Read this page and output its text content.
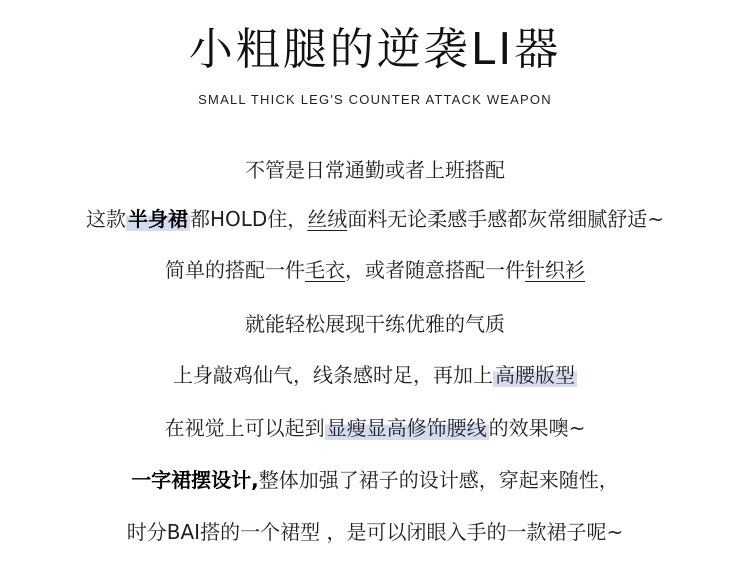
小粗腿的逆袭LI器
SMALL THICK LEG'S COUNTER ATTACK WEAPON
不管是日常通勤或者上班搭配
这款 半身裙 都HOLD住，丝绒面料无论柔感手感都灰常细腻舒适~
简单的搭配一件毛衣，或者随意搭配一件针织衫
就能轻松展现干练优雅的气质
上身敲鸡仙气，线条感时足，再加上 高腰版型
在视觉上可以起到 显瘦显高修饰腰线 的效果噢~
一字裙摆设计,整体加强了裙子的设计感，穿起来随性，
时分BAI搭的一个裙型 ，是可以闭眼入手的一款裙子呢~
